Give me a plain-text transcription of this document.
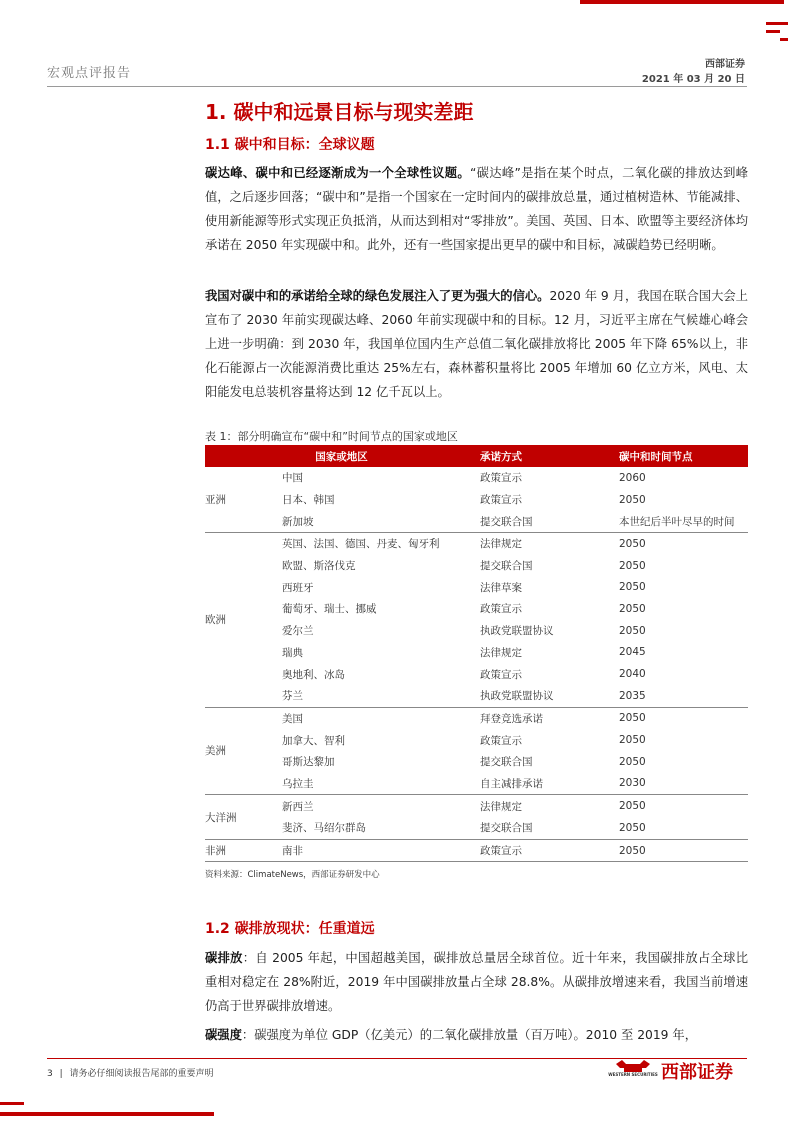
宏观点评报告
西部证券
2021 年 03 月 20 日
1. 碳中和远景目标与现实差距
1.1 碳中和目标：全球议题

碳达峰、碳中和已经逐渐成为一个全球性议题。“碳达峰”是指在某个时点，二氧化碳的排放达到峰值，之后逐步回落；“碳中和”是指一个国家在一定时间内的碳排放总量，通过植树造林、节能减排、使用新能源等形式实现正负抵消，从而达到相对“零排放”。美国、英国、日本、欧盟等主要经济体均承诺在 2050 年实现碳中和。此外，还有一些国家提出更早的碳中和目标，减碳趋势已经明晰。

我国对碳中和的承诺给全球的绿色发展注入了更为强大的信心。2020 年 9 月，我国在联合国大会上宣布了 2030 年前实现碳达峰、2060 年前实现碳中和的目标。12 月，习近平主席在气候雄心峰会上进一步明确：到 2030 年，我国单位国内生产总值二氧化碳排放将比 2005 年下降 65%以上，非化石能源占一次能源消费比重达 25%左右，森林蓄积量将比 2005 年增加 60 亿立方米，风电、太阳能发电总装机容量将达到 12 亿千瓦以上。

表 1：部分明确宣布“碳中和”时间节点的国家或地区
国家或地区		承诺方式	碳中和时间节点
亚洲	中国	政策宣示	2060
	日本、韩国	政策宣示	2050
	新加坡	提交联合国	本世纪后半叶尽早的时间
欧洲	英国、法国、德国、丹麦、匈牙利	法律规定	2050
	欧盟、斯洛伐克	提交联合国	2050
	西班牙	法律草案	2050
	葡萄牙、瑞士、挪威	政策宣示	2050
	爱尔兰	执政党联盟协议	2050
	瑞典	法律规定	2045
	奥地利、冰岛	政策宣示	2040
	芬兰	执政党联盟协议	2035
美洲	美国	拜登竞选承诺	2050
	加拿大、智利	政策宣示	2050
	哥斯达黎加	提交联合国	2050
	乌拉圭	自主减排承诺	2030
大洋洲	新西兰	法律规定	2050
	斐济、马绍尔群岛	提交联合国	2050
非洲	南非	政策宣示	2050
资料来源：ClimateNews，西部证券研发中心
1.2 碳排放现状：任重道远

碳排放：自 2005 年起，中国超越美国，碳排放总量居全球首位。近十年来，我国碳排放占全球比重相对稳定在 28%附近，2019 年中国碳排放量占全球 28.8%。从碳排放增速来看，我国当前增速仍高于世界碳排放增速。

碳强度：碳强度为单位 GDP（亿美元）的二氧化碳排放量（百万吨）。2010 至 2019 年，

3 | 请务必仔细阅读报告尾部的重要声明	WESTERN SECURITIES 西部证券
